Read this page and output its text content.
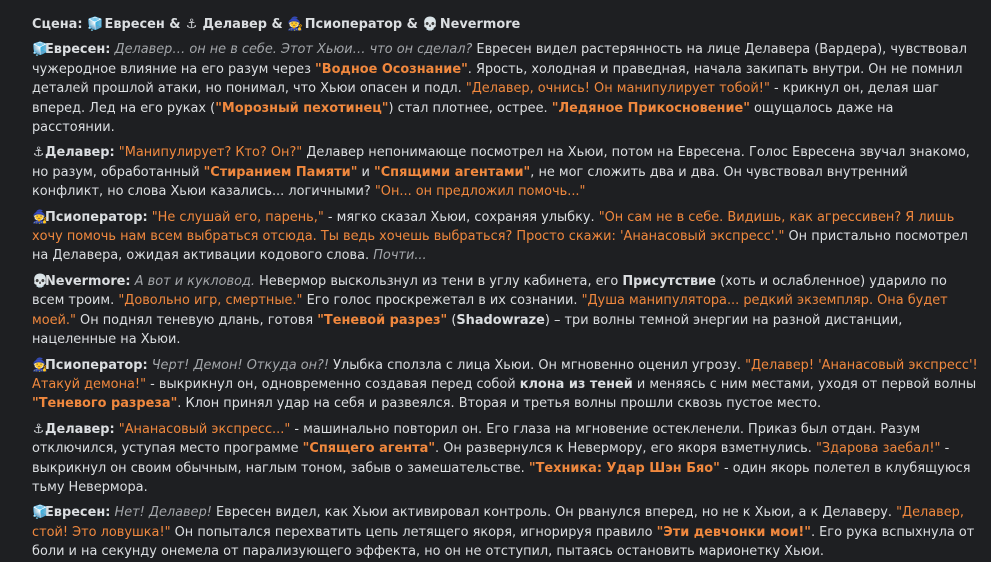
Сцена: 🧊 Евресен & ⚓ Делавер & 🧙 Псиоператор & 💀 Nevermore
🧊Евресен: Делавер… он не в себе. Этот Хьюи… что он сделал? Евресен видел растерянность на лице Делавера (Вардера), чувствовал чужеродное влияние на его разум через "Водное Осознание". Ярость, холодная и праведная, начала закипать внутри. Он не помнил деталей прошлой атаки, но понимал, что Хьюи опасен и подл. "Делавер, очнись! Он манипулирует тобой!" - крикнул он, делая шаг вперед. Лед на его руках ("Морозный пехотинец") стал плотнее, острее. "Ледяное Прикосновение" ощущалось даже на расстоянии.
⚓Делавер: "Манипулирует? Кто? Он?" Делавер непонимающе посмотрел на Хьюи, потом на Евресена. Голос Евресена звучал знакомо, но разум, обработанный "Стиранием Памяти" и "Спящими агентами", не мог сложить два и два. Он чувствовал внутренний конфликт, но слова Хьюи казались... логичными? "Он... он предложил помочь..."
🧙Псиоператор: "Не слушай его, парень," - мягко сказал Хьюи, сохраняя улыбку. "Он сам не в себе. Видишь, как агрессивен? Я лишь хочу помочь нам всем выбраться отсюда. Ты ведь хочешь выбраться? Просто скажи: 'Ананасовый экспресс'." Он пристально посмотрел на Делавера, ожидая активации кодового слова. Почти...
💀Nevermore: А вот и кукловод. Невермор выскользнул из тени в углу кабинета, его Присутствие (хоть и ослабленное) ударило по всем троим. "Довольно игр, смертные." Его голос проскрежетал в их сознании. "Душа манипулятора... редкий экземпляр. Она будет моей." Он поднял теневую длань, готовя "Теневой разрез" (Shadowraze) – три волны темной энергии на разной дистанции, нацеленные на Хьюи.
🧙Псиоператор: Черт! Демон! Откуда он?! Улыбка сползла с лица Хьюи. Он мгновенно оценил угрозу. "Делавер! 'Ананасовый экспресс'! Атакуй демона!" - выкрикнул он, одновременно создавая перед собой клона из теней и меняясь с ним местами, уходя от первой волны "Теневого разреза". Клон принял удар на себя и развеялся. Вторая и третья волны прошли сквозь пустое место.
⚓Делавер: "Ананасовый экспресс..." - машинально повторил он. Его глаза на мгновение остекленели. Приказ был отдан. Разум отключился, уступая место программе "Спящего агента". Он развернулся к Невермору, его якоря взметнулись. "Здарова заебал!" - выкрикнул он своим обычным, наглым тоном, забыв о замешательстве. "Техника: Удар Шэн Бяо" - один якорь полетел в клубящуюся тьму Невермора.
🧊Евресен: Нет! Делавер! Евресен видел, как Хьюи активировал контроль. Он рванулся вперед, но не к Хьюи, а к Делаверу. "Делавер, стой! Это ловушка!" Он попытался перехватить цепь летящего якоря, игнорируя правило "Эти девчонки мои!". Его рука вспыхнула от боли и на секунду онемела от парализующего эффекта, но он не отступил, пытаясь остановить марионетку Хьюи.
